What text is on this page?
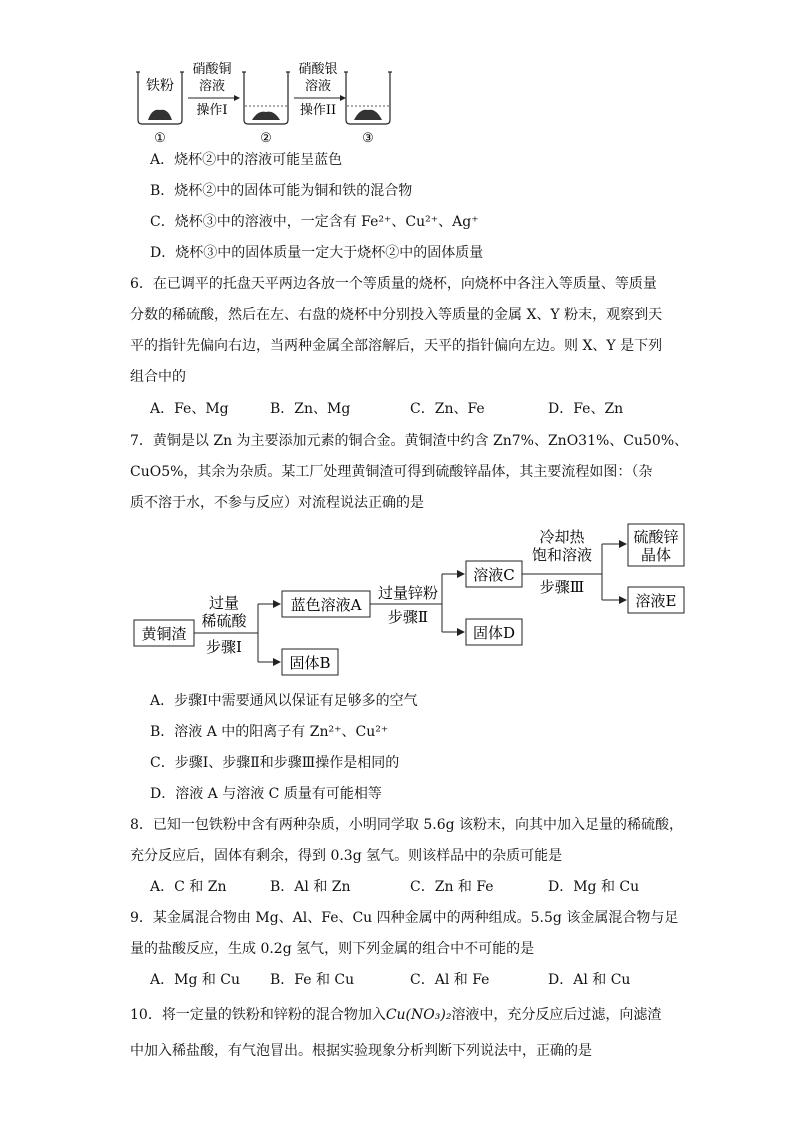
铁粉
①
硝酸铜
溶液
操作I
②
硝酸银
溶液
操作II
③
A．烧杯②中的溶液可能呈蓝色
B．烧杯②中的固体可能为铜和铁的混合物
C．烧杯③中的溶液中，一定含有 Fe²⁺、Cu²⁺、Ag⁺
D．烧杯③中的固体质量一定大于烧杯②中的固体质量
6．在已调平的托盘天平两边各放一个等质量的烧杯，向烧杯中各注入等质量、等质量
分数的稀硫酸，然后在左、右盘的烧杯中分别投入等质量的金属 X、Y 粉末，观察到天
平的指针先偏向右边，当两种金属全部溶解后，天平的指针偏向左边。则 X、Y 是下列
组合中的
A．Fe、Mg	B．Zn、Mg	C．Zn、Fe	D．Fe、Zn
7．黄铜是以 Zn 为主要添加元素的铜合金。黄铜渣中约含 Zn7%、ZnO31%、Cu50%、
CuO5%，其余为杂质。某工厂处理黄铜渣可得到硫酸锌晶体，其主要流程如图：（杂
质不溶于水，不参与反应）对流程说法正确的是
黄铜渣
过量
稀硫酸
步骤Ⅰ
蓝色溶液A
固体B
过量锌粉
步骤Ⅱ
溶液C
固体D
冷却热
饱和溶液
步骤Ⅲ
硫酸锌
晶体
溶液E
A．步骤Ⅰ中需要通风以保证有足够多的空气
B．溶液 A 中的阳离子有 Zn²⁺、Cu²⁺
C．步骤Ⅰ、步骤Ⅱ和步骤Ⅲ操作是相同的
D．溶液 A 与溶液 C 质量有可能相等
8．已知一包铁粉中含有两种杂质，小明同学取 5.6g 该粉末，向其中加入足量的稀硫酸，
充分反应后，固体有剩余，得到 0.3g 氢气。则该样品中的杂质可能是
A．C 和 Zn	B．Al 和 Zn	C．Zn 和 Fe	D．Mg 和 Cu
9．某金属混合物由 Mg、Al、Fe、Cu 四种金属中的两种组成。5.5g 该金属混合物与足
量的盐酸反应，生成 0.2g 氢气，则下列金属的组合中不可能的是
A．Mg 和 Cu B．Fe 和 Cu	C．Al 和 Fe	D．Al 和 Cu
10．将一定量的铁粉和锌粉的混合物加入Cu(NO₃)₂溶液中，充分反应后过滤，向滤渣
中加入稀盐酸，有气泡冒出。根据实验现象分析判断下列说法中，正确的是
